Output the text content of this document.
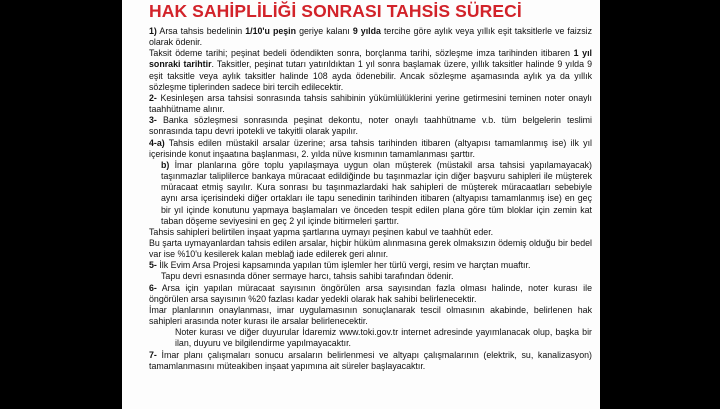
HAK SAHİPLİLİĞİ SONRASI TAHSİS SÜRECİ

1) Arsa tahsis bedelinin 1/10'u peşin geriye kalanı 9 yılda tercihe göre aylık veya yıllık eşit taksitlerle ve faizsiz olarak ödenir.

Taksit ödeme tarihi; peşinat bedeli ödendikten sonra, borçlanma tarihi, sözleşme imza tarihinden itibaren 1 yıl sonraki tarihtir. Taksitler, peşinat tutarı yatırıldıktan 1 yıl sonra başlamak üzere, yıllık taksitler halinde 9 yılda 9 eşit taksitle veya aylık taksitler halinde 108 ayda ödenebilir. Ancak sözleşme aşamasında aylık ya da yıllık sözleşme tiplerinden sadece biri tercih edilecektir.

2- Kesinleşen arsa tahsisi sonrasında tahsis sahibinin yükümlülüklerini yerine getirmesini teminen noter onaylı taahhütname alınır.

3- Banka sözleşmesi sonrasında peşinat dekontu, noter onaylı taahhütname v.b. tüm belgelerin teslimi sonrasında tapu devri ipotekli ve takyitli olarak yapılır.

4-a) Tahsis edilen müstakil arsalar üzerine; arsa tahsis tarihinden itibaren (altyapısı tamamlanmış ise) ilk yıl içerisinde konut inşaatına başlanması, 2. yılda nüve kısmının tamamlanması şarttır.

b) İmar planlarına göre toplu yapılaşmaya uygun olan müşterek (müstakil arsa tahsisi yapılamayacak) taşınmazlar taliplilerce bankaya müracaat edildiğinde bu taşınmazlar için diğer başvuru sahipleri ile müşterek müracaat etmiş sayılır. Kura sonrası bu taşınmazlardaki hak sahipleri de müşterek müracaatları sebebiyle aynı arsa içerisindeki diğer ortakları ile tapu senedinin tarihinden itibaren (altyapısı tamamlanmış ise) en geç bir yıl içinde konutunu yapmaya başlamaları ve önceden tespit edilen plana göre tüm bloklar için zemin kat taban döşeme seviyesini en geç 2 yıl içinde bitirmeleri şarttır.

Tahsis sahipleri belirtilen inşaat yapma şartlarına uymayı peşinen kabul ve taahhüt eder.

Bu şarta uymayanlardan tahsis edilen arsalar, hiçbir hüküm alınmasına gerek olmaksızın ödemiş olduğu bir bedel var ise %10'u kesilerek kalan meblağ iade edilerek geri alınır.

5- İlk Evim Arsa Projesi kapsamında yapılan tüm işlemler her türlü vergi, resim ve harçtan muaftır.

Tapu devri esnasında döner sermaye harcı, tahsis sahibi tarafından ödenir.

6- Arsa için yapılan müracaat sayısının öngörülen arsa sayısından fazla olması halinde, noter kurası ile öngörülen arsa sayısının %20 fazlası kadar yedekli olarak hak sahibi belirlenecektir.

İmar planlarının onaylanması, imar uygulamasının sonuçlanarak tescil olmasının akabinde, belirlenen hak sahipleri arasında noter kurası ile arsalar belirlenecektir.

Noter kurası ve diğer duyurular İdaremiz www.toki.gov.tr internet adresinde yayımlanacak olup, başka bir ilan, duyuru ve bilgilendirme yapılmayacaktır.

7- İmar planı çalışmaları sonucu arsaların belirlenmesi ve altyapı çalışmalarının (elektrik, su, kanalizasyon) tamamlanmasını müteakiben inşaat yapımına ait süreler başlayacaktır.
